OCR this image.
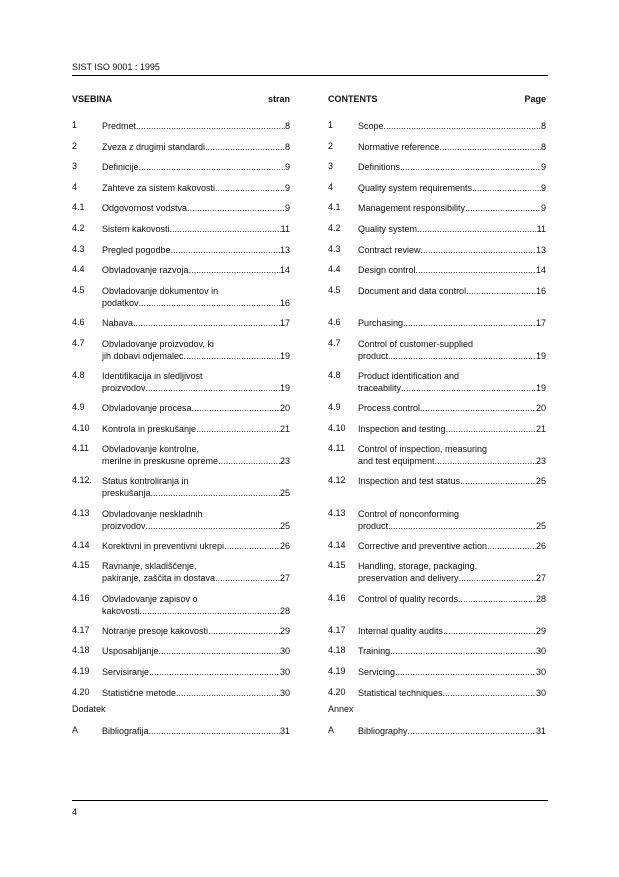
SIST ISO 9001 : 1995
VSEBINA	stran
1	Predmet .....	8
2	Zveza z drugimi standardi .....	8
3	Definicije .....	9
4	Zahteve za sistem kakovosti .....	9
4.1	Odgovornost vodstva .....	9
4.2	Sistem kakovosti .....	11
4.3	Pregled pogodbe .....	13
4.4	Obvladovanje razvoja .....	14
4.5	Obvladovanje dokumentov in
podatkov .....	16
4.6	Nabava .....	17
4.7	Obvladovanje proizvodov, ki
jih dobavi odjemalec .....	19
4.8	Identifikacija in sledljivost
proizvodov .....	19
4.9	Obvladovanje procesa .....	20
4.10	Kontrola in preskušanje .....	21
4.11	Obvladovanje kontrolne,
merilne in preskusne opreme .....	23
4.12.	Status kontroliranja in
preskušanja .....	25
4.13	Obvladovanje neskladnih
proizvodov .....	25
4.14	Korektivni in preventivni ukrepi .....	26
4.15	Ravnanje, skladiščenje,
pakiranje, zaščita in dostava .....	27
4.16	Obvladovanje zapisov o
kakovosti .....	28
4.17	Notranje presoje kakovosti .....	29
4.18	Usposabljanje .....	30
4.19	Servisiranje .....	30
4.20	Statistične metode .....	30
Dodatek
A	Bibliografija .....	31
CONTENTS	Page
1	Scope .....	8
2	Normative reference .....	8
3	Definitions .....	9
4	Quality system requirements .....	9
4.1	Management responsibility .....	9
4.2	Quality system .....	11
4.3	Contract review .....	13
4.4	Design control .....	14
4.5	Document and data control .....	16
4.6	Purchasing .....	17
4.7	Control of customer-supplied
product .....	19
4.8	Product identification and
traceability .....	19
4.9	Process control .....	20
4.10	Inspection and testing .....	21
4.11	Control of inspection, measuring
and test equipment .....	23
4.12	Inspection and test status .....	25
4.13	Control of nonconforming
product .....	25
4.14	Corrective and preventive action .....	26
4.15	Handling, storage, packaging,
preservation and delivery .....	27
4.16	Control of quality records .....	28
4.17	Internal quality audits .....	29
4.18	Training .....	30
4.19	Servicing .....	30
4.20	Statistical techniques .....	30
Annex
A	Bibliography .....	31
4
